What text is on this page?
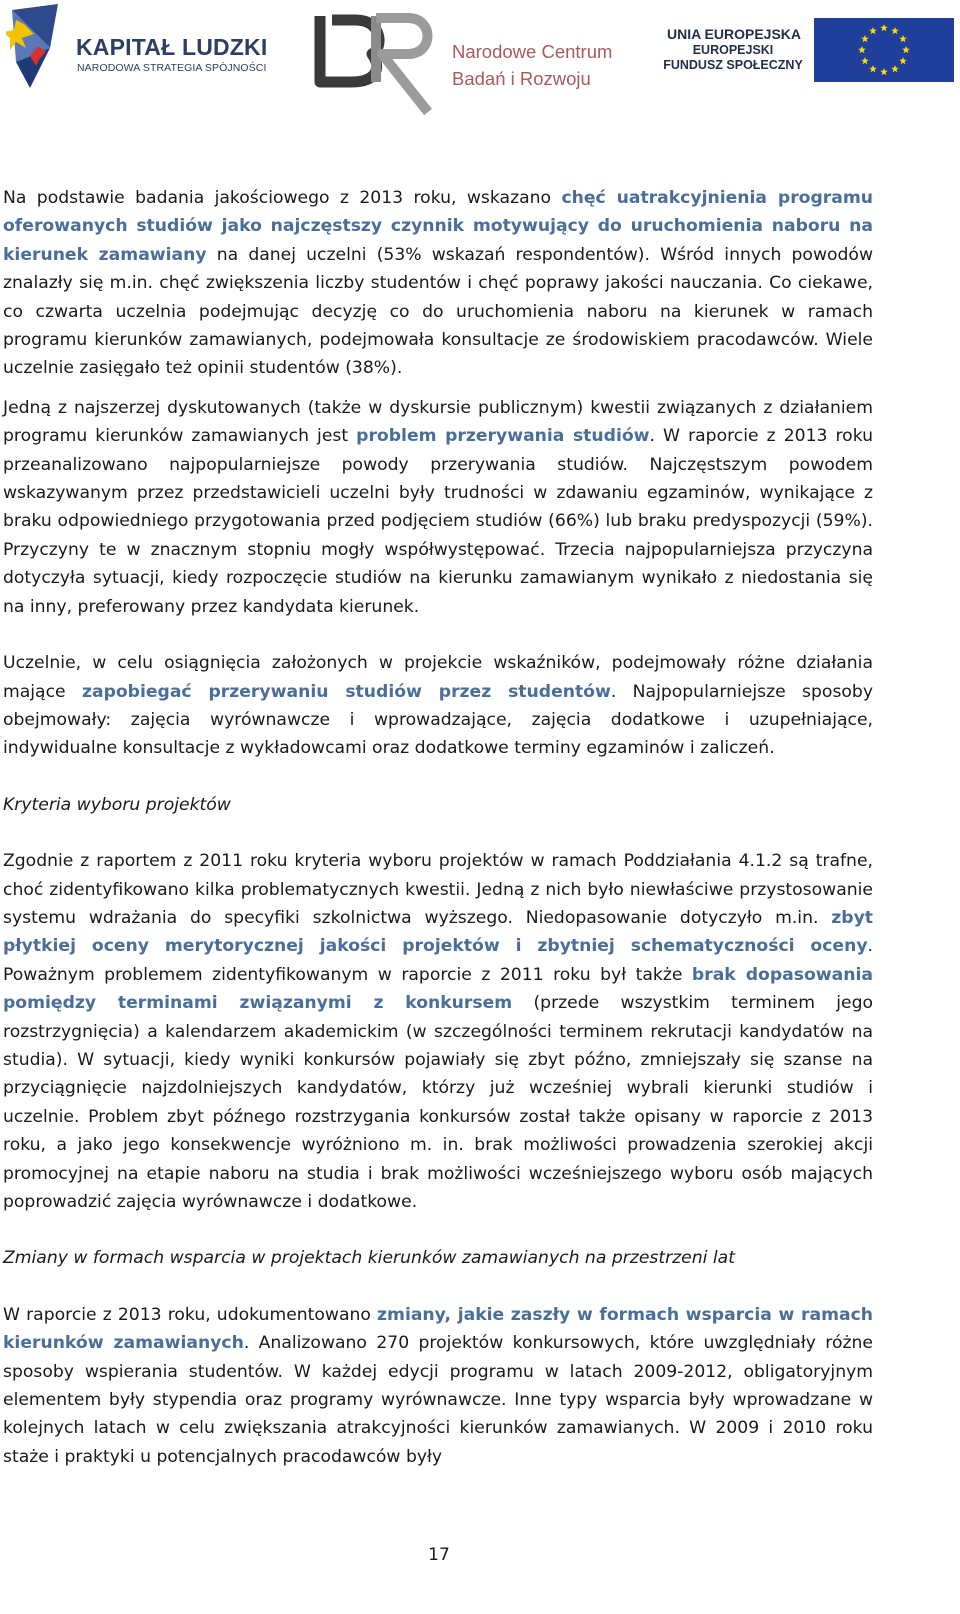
KAPITAŁ LUDZKI
NARODOWA STRATEGIA SPÓJNOŚCI
Narodowe Centrum
Badań i Rozwoju
UNIA EUROPEJSKA
EUROPEJSKI
FUNDUSZ SPOŁECZNY

Na podstawie badania jakościowego z 2013 roku, wskazano chęć uatrakcyjnienia programu oferowanych studiów jako najczęstszy czynnik motywujący do uruchomienia naboru na kierunek zamawiany na danej uczelni (53% wskazań respondentów). Wśród innych powodów znalazły się m.in. chęć zwiększenia liczby studentów i chęć poprawy jakości nauczania. Co ciekawe, co czwarta uczelnia podejmując decyzję co do uruchomienia naboru na kierunek w ramach programu kierunków zamawianych, podejmowała konsultacje ze środowiskiem pracodawców. Wiele uczelnie zasięgało też opinii studentów (38%).

Jedną z najszerzej dyskutowanych (także w dyskursie publicznym) kwestii związanych z działaniem programu kierunków zamawianych jest problem przerywania studiów. W raporcie z 2013 roku przeanalizowano najpopularniejsze powody przerywania studiów. Najczęstszym powodem wskazywanym przez przedstawicieli uczelni były trudności w zdawaniu egzaminów, wynikające z braku odpowiedniego przygotowania przed podjęciem studiów (66%) lub braku predyspozycji (59%). Przyczyny te w znacznym stopniu mogły współwystępować. Trzecia najpopularniejsza przyczyna dotyczyła sytuacji, kiedy rozpoczęcie studiów na kierunku zamawianym wynikało z niedostania się na inny, preferowany przez kandydata kierunek.

Uczelnie, w celu osiągnięcia założonych w projekcie wskaźników, podejmowały różne działania mające zapobiegać przerywaniu studiów przez studentów. Najpopularniejsze sposoby obejmowały: zajęcia wyrównawcze i wprowadzające, zajęcia dodatkowe i uzupełniające, indywidualne konsultacje z wykładowcami oraz dodatkowe terminy egzaminów i zaliczeń.

Kryteria wyboru projektów

Zgodnie z raportem z 2011 roku kryteria wyboru projektów w ramach Poddziałania 4.1.2 są trafne, choć zidentyfikowano kilka problematycznych kwestii. Jedną z nich było niewłaściwe przystosowanie systemu wdrażania do specyfiki szkolnictwa wyższego. Niedopasowanie dotyczyło m.in. zbyt płytkiej oceny merytorycznej jakości projektów i zbytniej schematyczności oceny. Poważnym problemem zidentyfikowanym w raporcie z 2011 roku był także brak dopasowania pomiędzy terminami związanymi z konkursem (przede wszystkim terminem jego rozstrzygnięcia) a kalendarzem akademickim (w szczególności terminem rekrutacji kandydatów na studia). W sytuacji, kiedy wyniki konkursów pojawiały się zbyt późno, zmniejszały się szanse na przyciągnięcie najzdolniejszych kandydatów, którzy już wcześniej wybrali kierunki studiów i uczelnie. Problem zbyt późnego rozstrzygania konkursów został także opisany w raporcie z 2013 roku, a jako jego konsekwencje wyróżniono m. in. brak możliwości prowadzenia szerokiej akcji promocyjnej na etapie naboru na studia i brak możliwości wcześniejszego wyboru osób mających poprowadzić zajęcia wyrównawcze i dodatkowe.

Zmiany w formach wsparcia w projektach kierunków zamawianych na przestrzeni lat

W raporcie z 2013 roku, udokumentowano zmiany, jakie zaszły w formach wsparcia w ramach kierunków zamawianych. Analizowano 270 projektów konkursowych, które uwzględniały różne sposoby wspierania studentów. W każdej edycji programu w latach 2009-2012, obligatoryjnym elementem były stypendia oraz programy wyrównawcze. Inne typy wsparcia były wprowadzane w kolejnych latach w celu zwiększania atrakcyjności kierunków zamawianych. W 2009 i 2010 roku staże i praktyki u potencjalnych pracodawców były

17
